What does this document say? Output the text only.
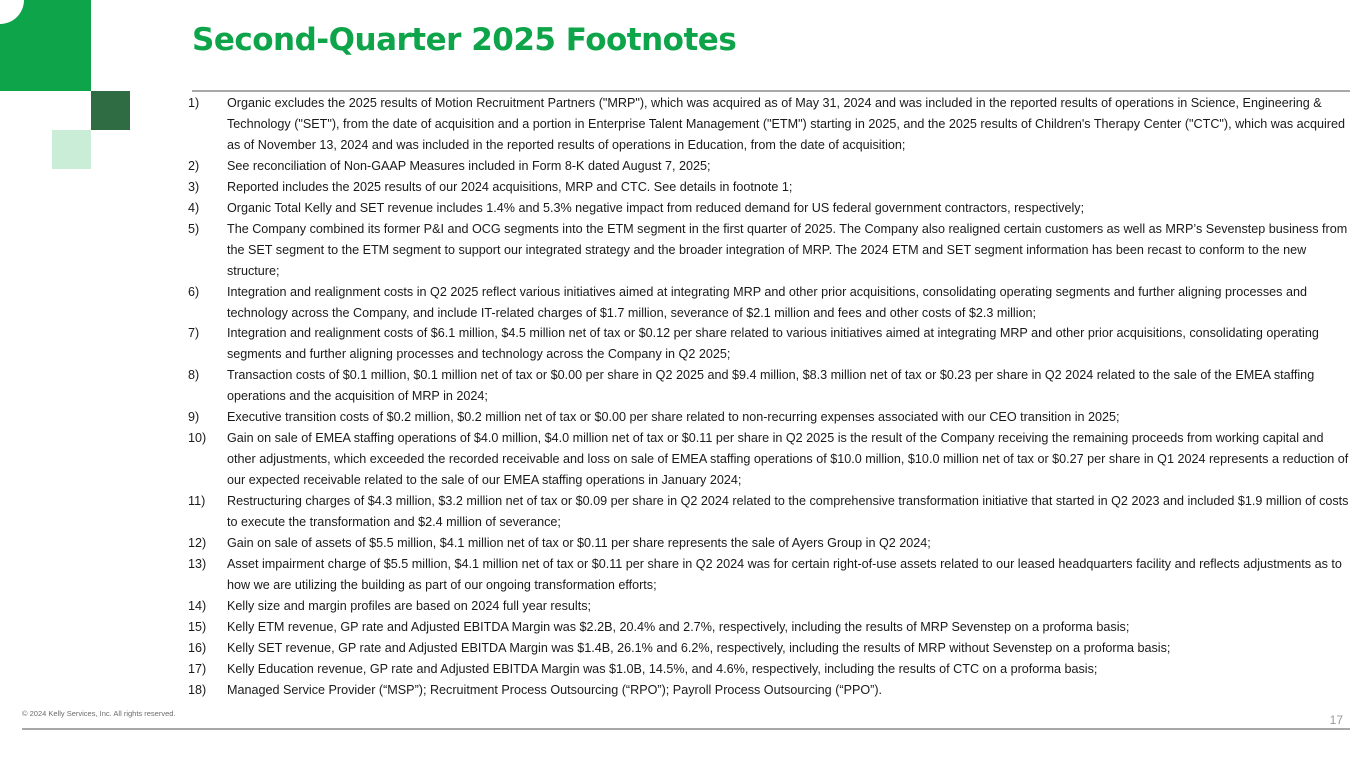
Second-Quarter 2025 Footnotes
1)	Organic excludes the 2025 results of Motion Recruitment Partners ("MRP"), which was acquired as of May 31, 2024 and was included in the reported results of operations in Science, Engineering & Technology ("SET"), from the date of acquisition and a portion in Enterprise Talent Management ("ETM") starting in 2025, and the 2025 results of Children's Therapy Center ("CTC"), which was acquired as of November 13, 2024 and was included in the reported results of operations in Education, from the date of acquisition;
2)	See reconciliation of Non-GAAP Measures included in Form 8-K dated August 7, 2025;
3)	Reported includes the 2025 results of our 2024 acquisitions, MRP and CTC. See details in footnote 1;
4)	Organic Total Kelly and SET revenue includes 1.4% and 5.3% negative impact from reduced demand for US federal government contractors, respectively;
5)	The Company combined its former P&I and OCG segments into the ETM segment in the first quarter of 2025. The Company also realigned certain customers as well as MRP’s Sevenstep business from the SET segment to the ETM segment to support our integrated strategy and the broader integration of MRP. The 2024 ETM and SET segment information has been recast to conform to the new structure;
6)	Integration and realignment costs in Q2 2025 reflect various initiatives aimed at integrating MRP and other prior acquisitions, consolidating operating segments and further aligning processes and technology across the Company, and include IT-related charges of $1.7 million, severance of $2.1 million and fees and other costs of $2.3 million;
7)	Integration and realignment costs of $6.1 million, $4.5 million net of tax or $0.12 per share related to various initiatives aimed at integrating MRP and other prior acquisitions, consolidating operating segments and further aligning processes and technology across the Company in Q2 2025;
8)	Transaction costs of $0.1 million, $0.1 million net of tax or $0.00 per share in Q2 2025 and $9.4 million, $8.3 million net of tax or $0.23 per share in Q2 2024 related to the sale of the EMEA staffing operations and the acquisition of MRP in 2024;
9)	Executive transition costs of $0.2 million, $0.2 million net of tax or $0.00 per share related to non-recurring expenses associated with our CEO transition in 2025;
10)	Gain on sale of EMEA staffing operations of $4.0 million, $4.0 million net of tax or $0.11 per share in Q2 2025 is the result of the Company receiving the remaining proceeds from working capital and other adjustments, which exceeded the recorded receivable and loss on sale of EMEA staffing operations of $10.0 million, $10.0 million net of tax or $0.27 per share in Q1 2024 represents a reduction of our expected receivable related to the sale of our EMEA staffing operations in January 2024;
11)	Restructuring charges of $4.3 million, $3.2 million net of tax or $0.09 per share in Q2 2024 related to the comprehensive transformation initiative that started in Q2 2023 and included $1.9 million of costs to execute the transformation and $2.4 million of severance;
12)	Gain on sale of assets of $5.5 million, $4.1 million net of tax or $0.11 per share represents the sale of Ayers Group in Q2 2024;
13)	Asset impairment charge of $5.5 million, $4.1 million net of tax or $0.11 per share in Q2 2024 was for certain right-of-use assets related to our leased headquarters facility and reflects adjustments as to how we are utilizing the building as part of our ongoing transformation efforts;
14)	Kelly size and margin profiles are based on 2024 full year results;
15)	Kelly ETM revenue, GP rate and Adjusted EBITDA Margin was $2.2B, 20.4% and 2.7%, respectively, including the results of MRP Sevenstep on a proforma basis;
16)	Kelly SET revenue, GP rate and Adjusted EBITDA Margin was $1.4B, 26.1% and 6.2%, respectively, including the results of MRP without Sevenstep on a proforma basis;
17)	Kelly Education revenue, GP rate and Adjusted EBITDA Margin was $1.0B, 14.5%, and 4.6%, respectively, including the results of CTC on a proforma basis;
18)	Managed Service Provider (“MSP”); Recruitment Process Outsourcing (“RPO”); Payroll Process Outsourcing (“PPO”).
© 2024 Kelly Services, Inc. All rights reserved.	17
